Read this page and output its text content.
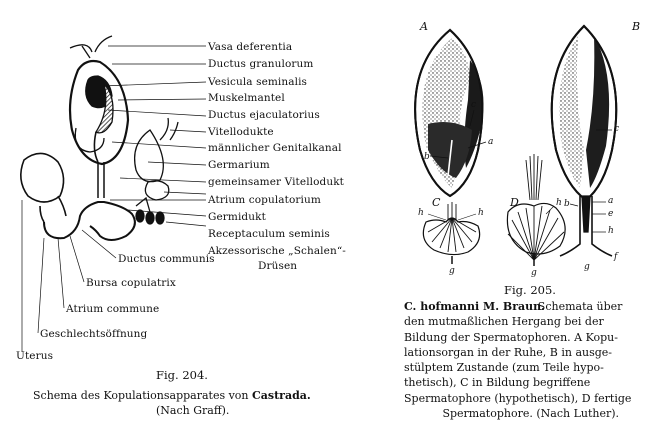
Vasa deferentia
Ductus granulorum
Vesicula seminalis
Muskelmantel
Ductus ejaculatorius
Vitellodukte
männlicher Genitalkanal
Germarium
gemeinsamer Vitellodukt
Atrium copulatorium
Germidukt
Receptaculum seminis
Akzessorische „Schalen“-
Drüsen
Ductus communis
Bursa copulatrix
Atrium commune
Geschlechtsöffnung
Uterus
Fig. 204.
Schema des Kopulationsapparates von Castrada.
(Nach Graff).
A	B
c
a
b
c
a
b
e
h
f
g
C
h	h
g
D	h
g
Fig. 205.
C. hofmanni M. Braun.
Schemata über
den mutmaßlichen Hergang bei der
Bildung der Spermatophoren. A Kopu-
lationsorgan in der Ruhe, B in ausge-
stülptem Zustande (zum Teile hypo-
thetisch), C in Bildung begriffene
Spermatophore (hypothetisch), D fertige
Spermatophore. (Nach Luther).
